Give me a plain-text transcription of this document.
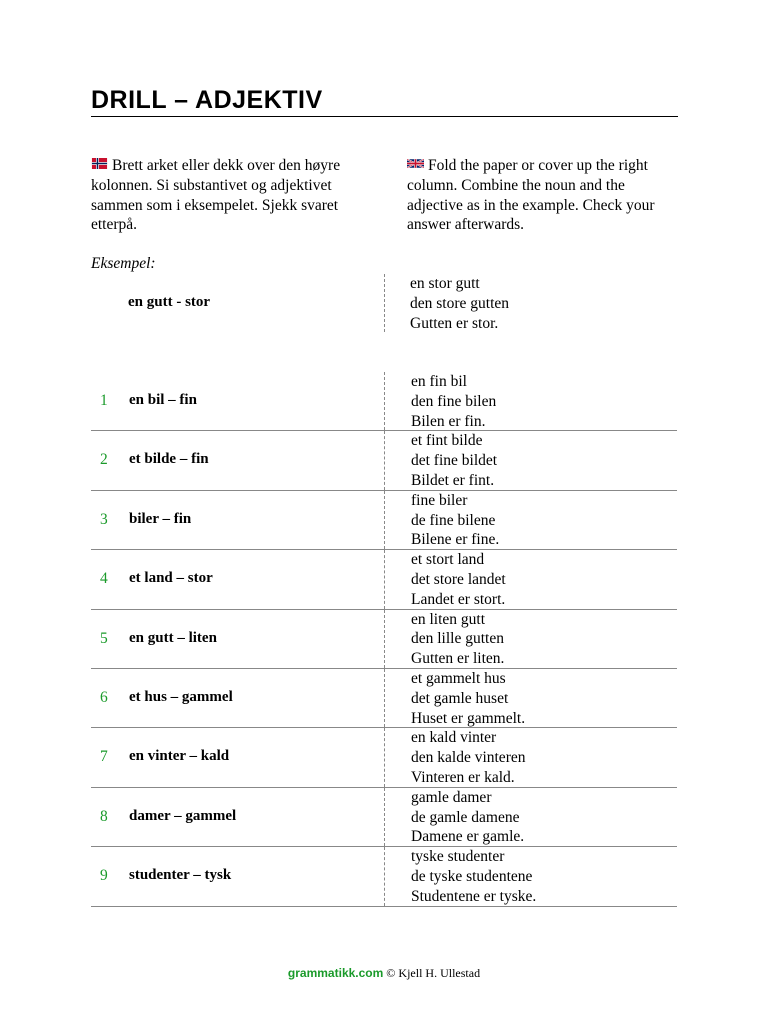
DRILL – ADJEKTIV
Brett arket eller dekk over den høyre kolonnen. Si substantivet og adjektivet sammen som i eksempelet. Sjekk svaret etterpå.
Fold the paper or cover up the right column. Combine the noun and the adjective as in the example. Check your answer afterwards.
Eksempel:
en gutt - stor
en stor gutt
den store gutten
Gutten er stor.
1 en bil – fin
en fin bil
den fine bilen
Bilen er fin.
2 et bilde – fin
et fint bilde
det fine bildet
Bildet er fint.
3 biler – fin
fine biler
de fine bilene
Bilene er fine.
4 et land – stor
et stort land
det store landet
Landet er stort.
5 en gutt – liten
en liten gutt
den lille gutten
Gutten er liten.
6 et hus – gammel
et gammelt hus
det gamle huset
Huset er gammelt.
7 en vinter – kald
en kald vinter
den kalde vinteren
Vinteren er kald.
8 damer – gammel
gamle damer
de gamle damene
Damene er gamle.
9 studenter – tysk
tyske studenter
de tyske studentene
Studentene er tyske.
grammatikk.com © Kjell H. Ullestad
